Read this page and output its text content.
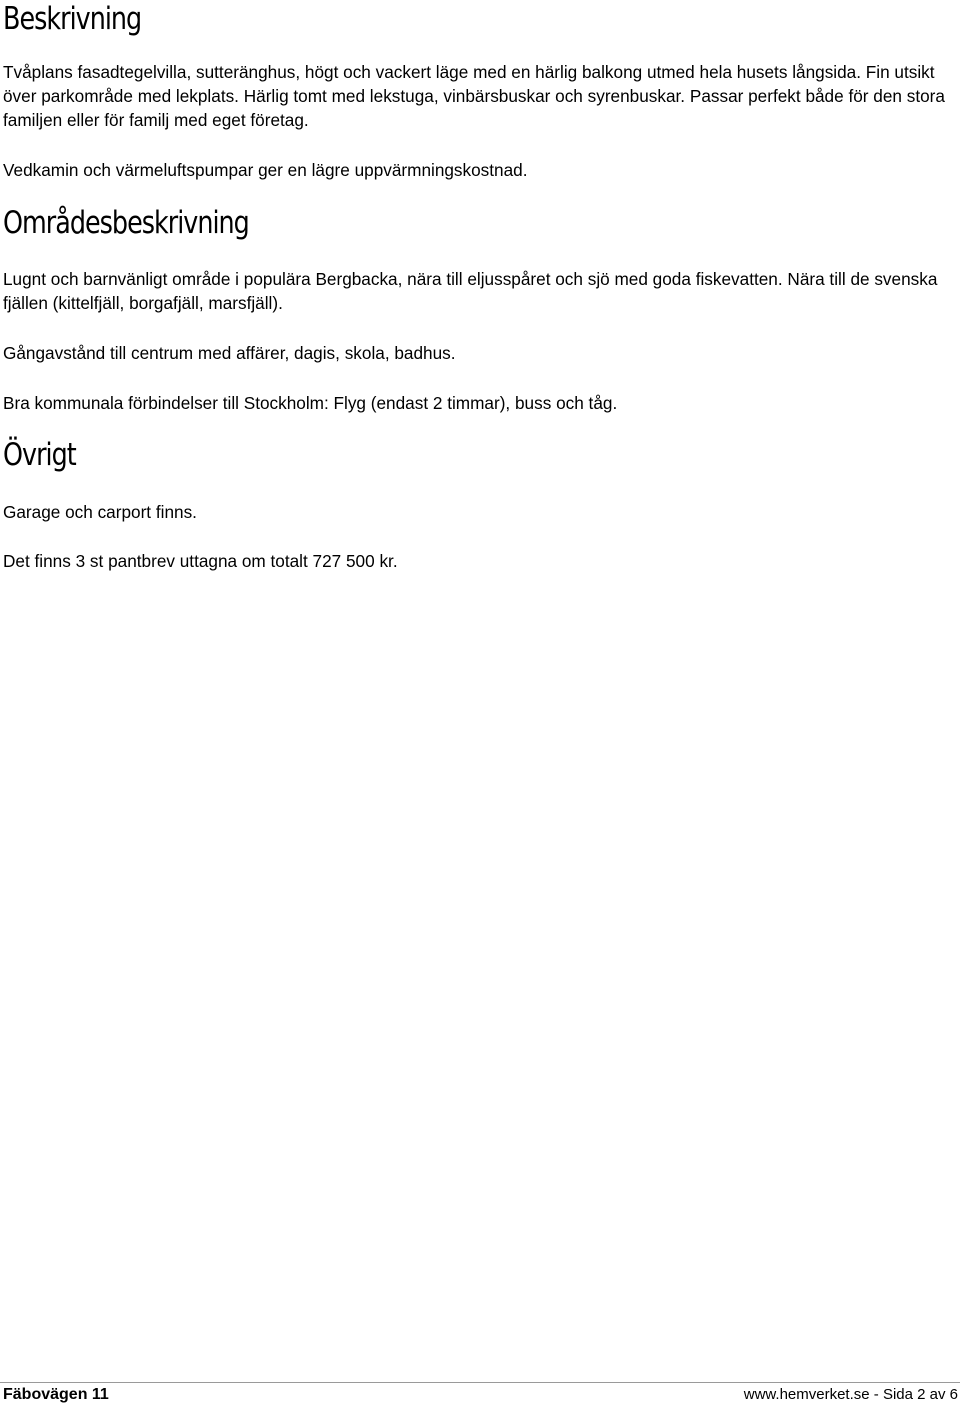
Beskrivning

Tvåplans fasadtegelvilla, sutteränghus, högt och vackert läge med en härlig balkong utmed hela husets långsida. Fin utsikt över parkområde med lekplats. Härlig tomt med lekstuga, vinbärsbuskar och syrenbuskar. Passar perfekt både för den stora familjen eller för familj med eget företag.

Vedkamin och värmeluftspumpar ger en lägre uppvärmningskostnad.

Områdesbeskrivning

Lugnt och barnvänligt område i populära Bergbacka, nära till eljusspåret och sjö med goda fiskevatten. Nära till de svenska fjällen (kittelfjäll, borgafjäll, marsfjäll).

Gångavstånd till centrum med affärer, dagis, skola, badhus.

Bra kommunala förbindelser till Stockholm: Flyg (endast 2 timmar), buss och tåg.

Övrigt

Garage och carport finns.

Det finns 3 st pantbrev uttagna om totalt 727 500 kr.

Fäbovägen 11	www.hemverket.se - Sida 2 av 6
